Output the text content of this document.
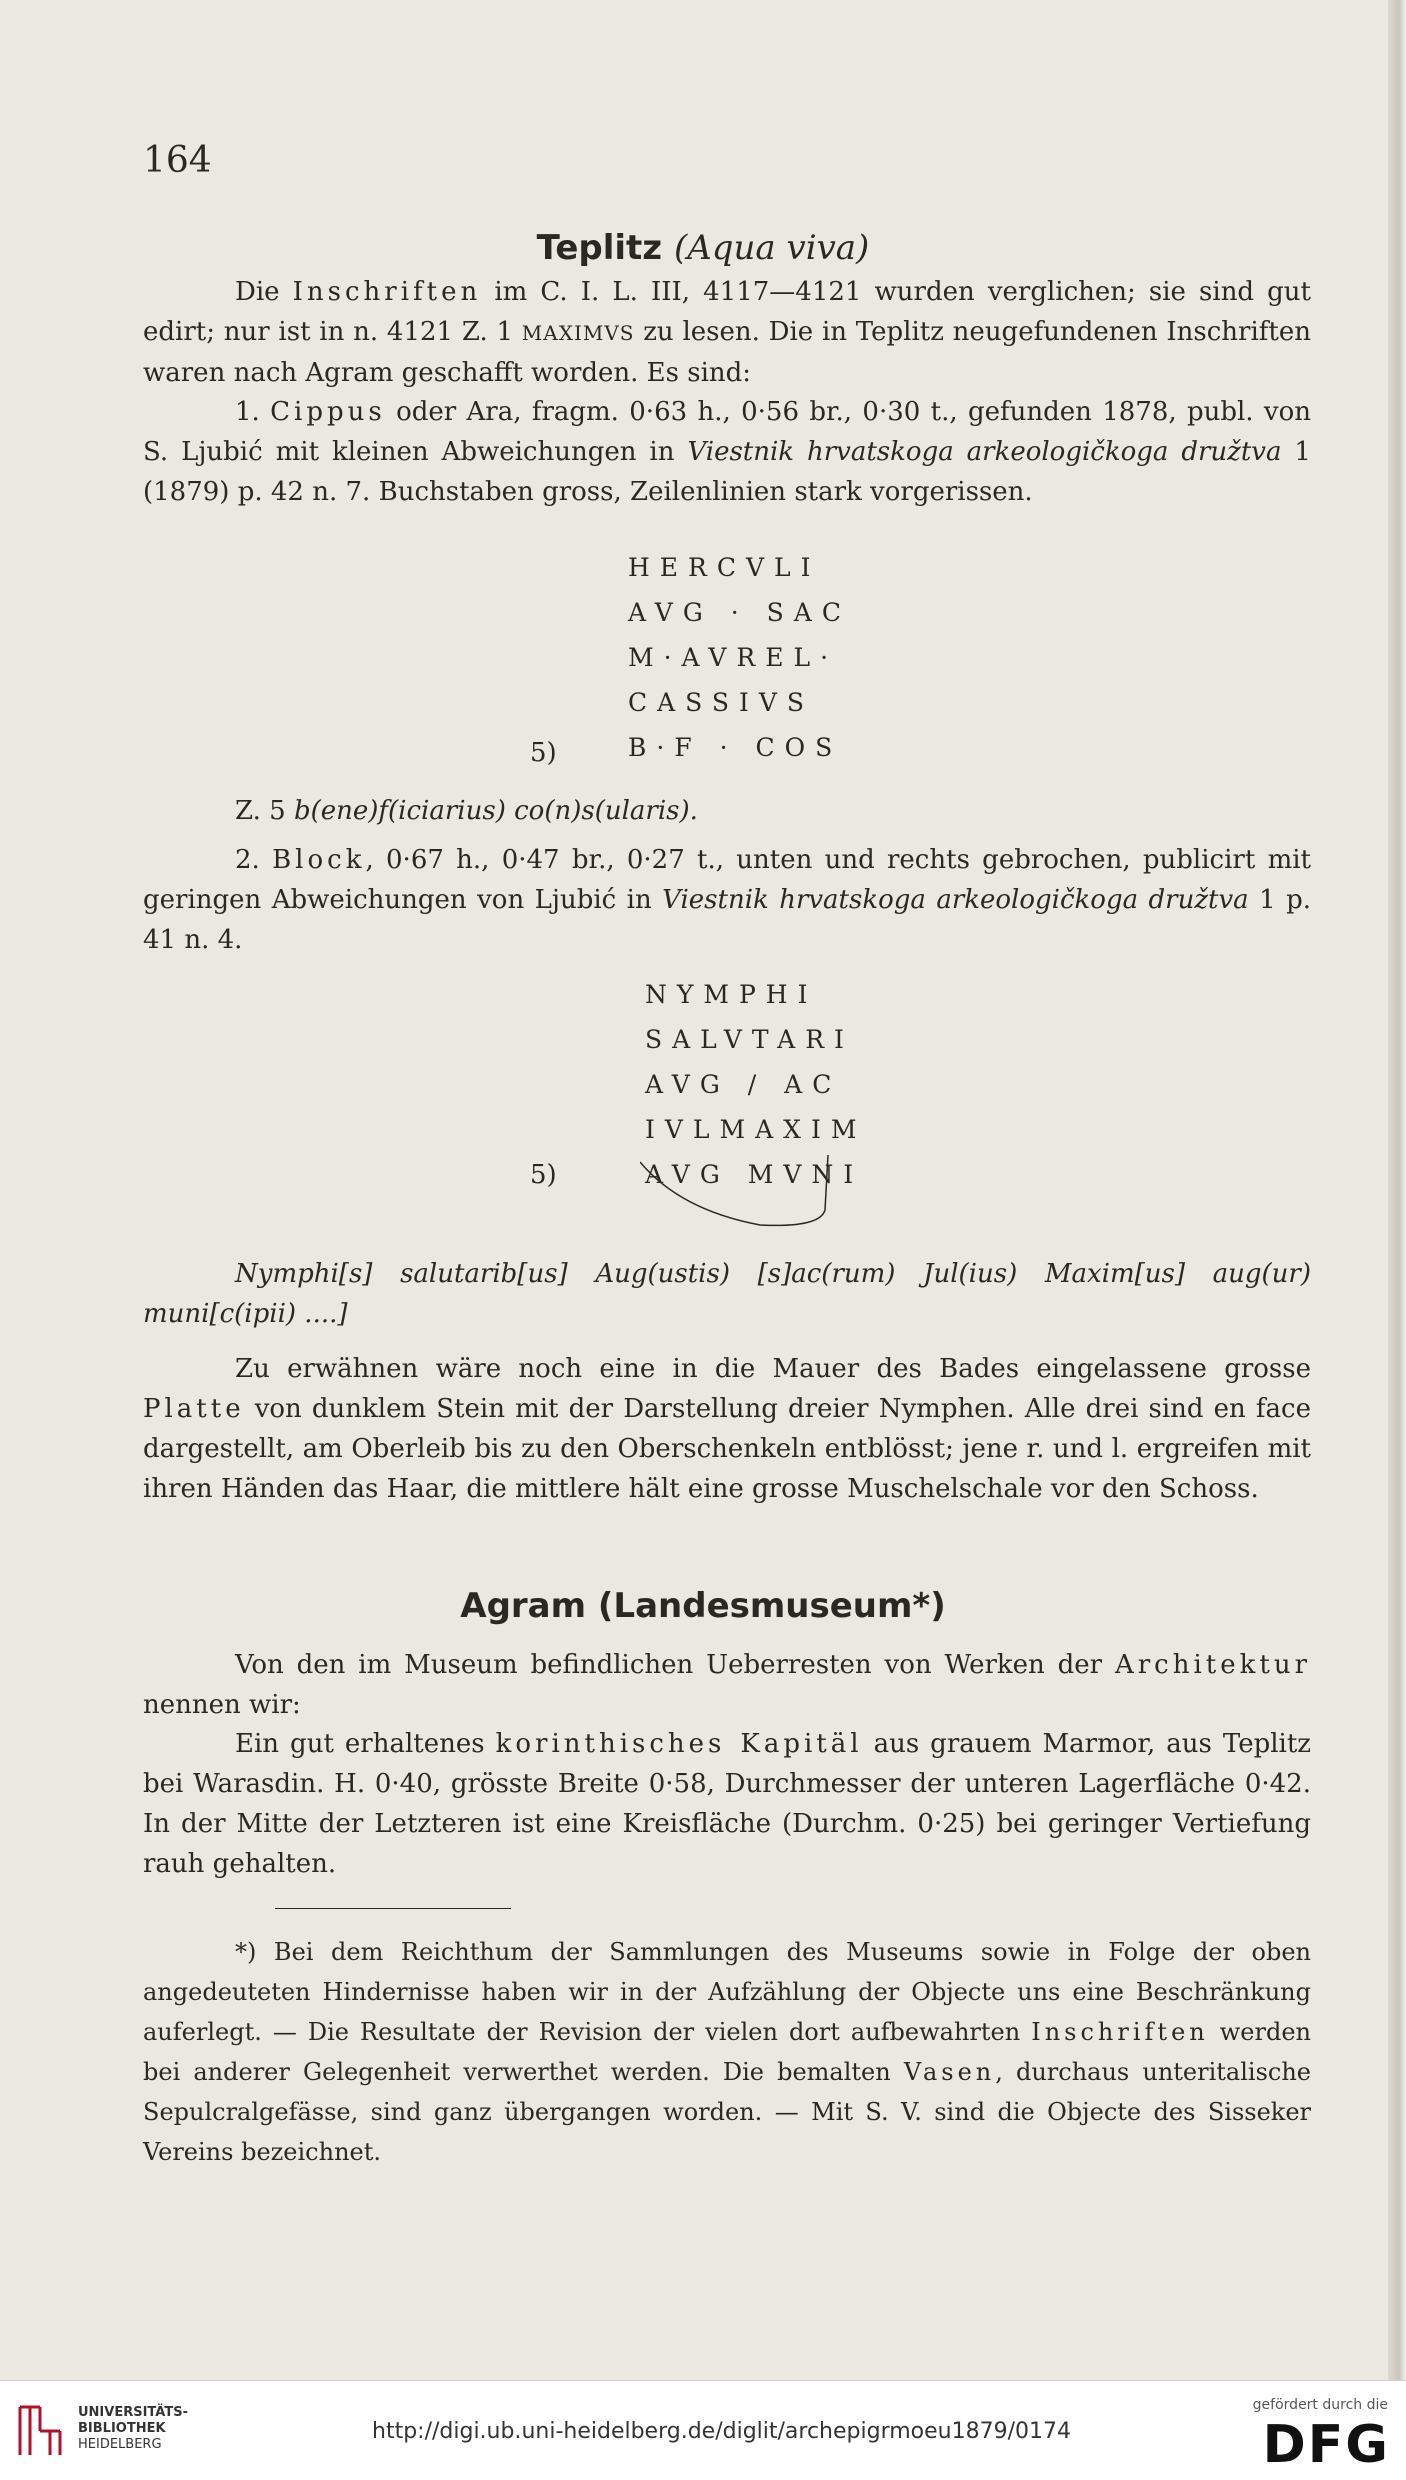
164
Teplitz (Aqua viva)
Die Inschriften im C. I. L. III, 4117—4121 wurden verglichen; sie sind gut edirt; nur ist in n. 4121 Z. 1 MAXIMVS zu lesen. Die in Teplitz neugefundenen Inschriften waren nach Agram geschafft worden. Es sind:
1. Cippus oder Ara, fragm. 0·63 h., 0·56 br., 0·30 t., gefunden 1878, publ. von S. Ljubić mit kleinen Abweichungen in Viestnik hrvatskoga arkeologičkoga družtva 1 (1879) p. 42 n. 7. Buchstaben gross, Zeilenlinien stark vorgerissen.
HERCVLI
AVG · SAC
M·AVREL·
CASSIVS
B·F · COS
5)
Z. 5 b(ene)f(iciarius) co(n)s(ularis).
2. Block, 0·67 h., 0·47 br., 0·27 t., unten und rechts gebrochen, publicirt mit geringen Abweichungen von Ljubić in Viestnik hrvatskoga arkeologičkoga družtva 1 p. 41 n. 4.
NYMPHI
SALVTARI
AVG / AC
IVLMAXIM
AVG MVNI
5)
Nymphi[s] salutarib[us] Aug(ustis) [s]ac(rum) Jul(ius) Maxim[us] aug(ur) muni[c(ipii) ....]
Zu erwähnen wäre noch eine in die Mauer des Bades eingelassene grosse Platte von dunklem Stein mit der Darstellung dreier Nymphen. Alle drei sind en face dargestellt, am Oberleib bis zu den Oberschenkeln entblösst; jene r. und l. ergreifen mit ihren Händen das Haar, die mittlere hält eine grosse Muschelschale vor den Schoss.
Agram (Landesmuseum*)
Von den im Museum befindlichen Ueberresten von Werken der Architektur nennen wir:
Ein gut erhaltenes korinthisches Kapitäl aus grauem Marmor, aus Teplitz bei Warasdin. H. 0·40, grösste Breite 0·58, Durchmesser der unteren Lagerfläche 0·42. In der Mitte der Letzteren ist eine Kreisfläche (Durchm. 0·25) bei geringer Vertiefung rauh gehalten.
*) Bei dem Reichthum der Sammlungen des Museums sowie in Folge der oben angedeuteten Hindernisse haben wir in der Aufzählung der Objecte uns eine Beschränkung auferlegt. — Die Resultate der Revision der vielen dort aufbewahrten Inschriften werden bei anderer Gelegenheit verwerthet werden. Die bemalten Vasen, durchaus unteritalische Sepulcralgefässe, sind ganz übergangen worden. — Mit S. V. sind die Objecte des Sisseker Vereins bezeichnet.
UNIVERSITÄTS-
BIBLIOTHEK
HEIDELBERG
http://digi.ub.uni-heidelberg.de/diglit/archepigrmoeu1879/0174
gefördert durch die
DFG
